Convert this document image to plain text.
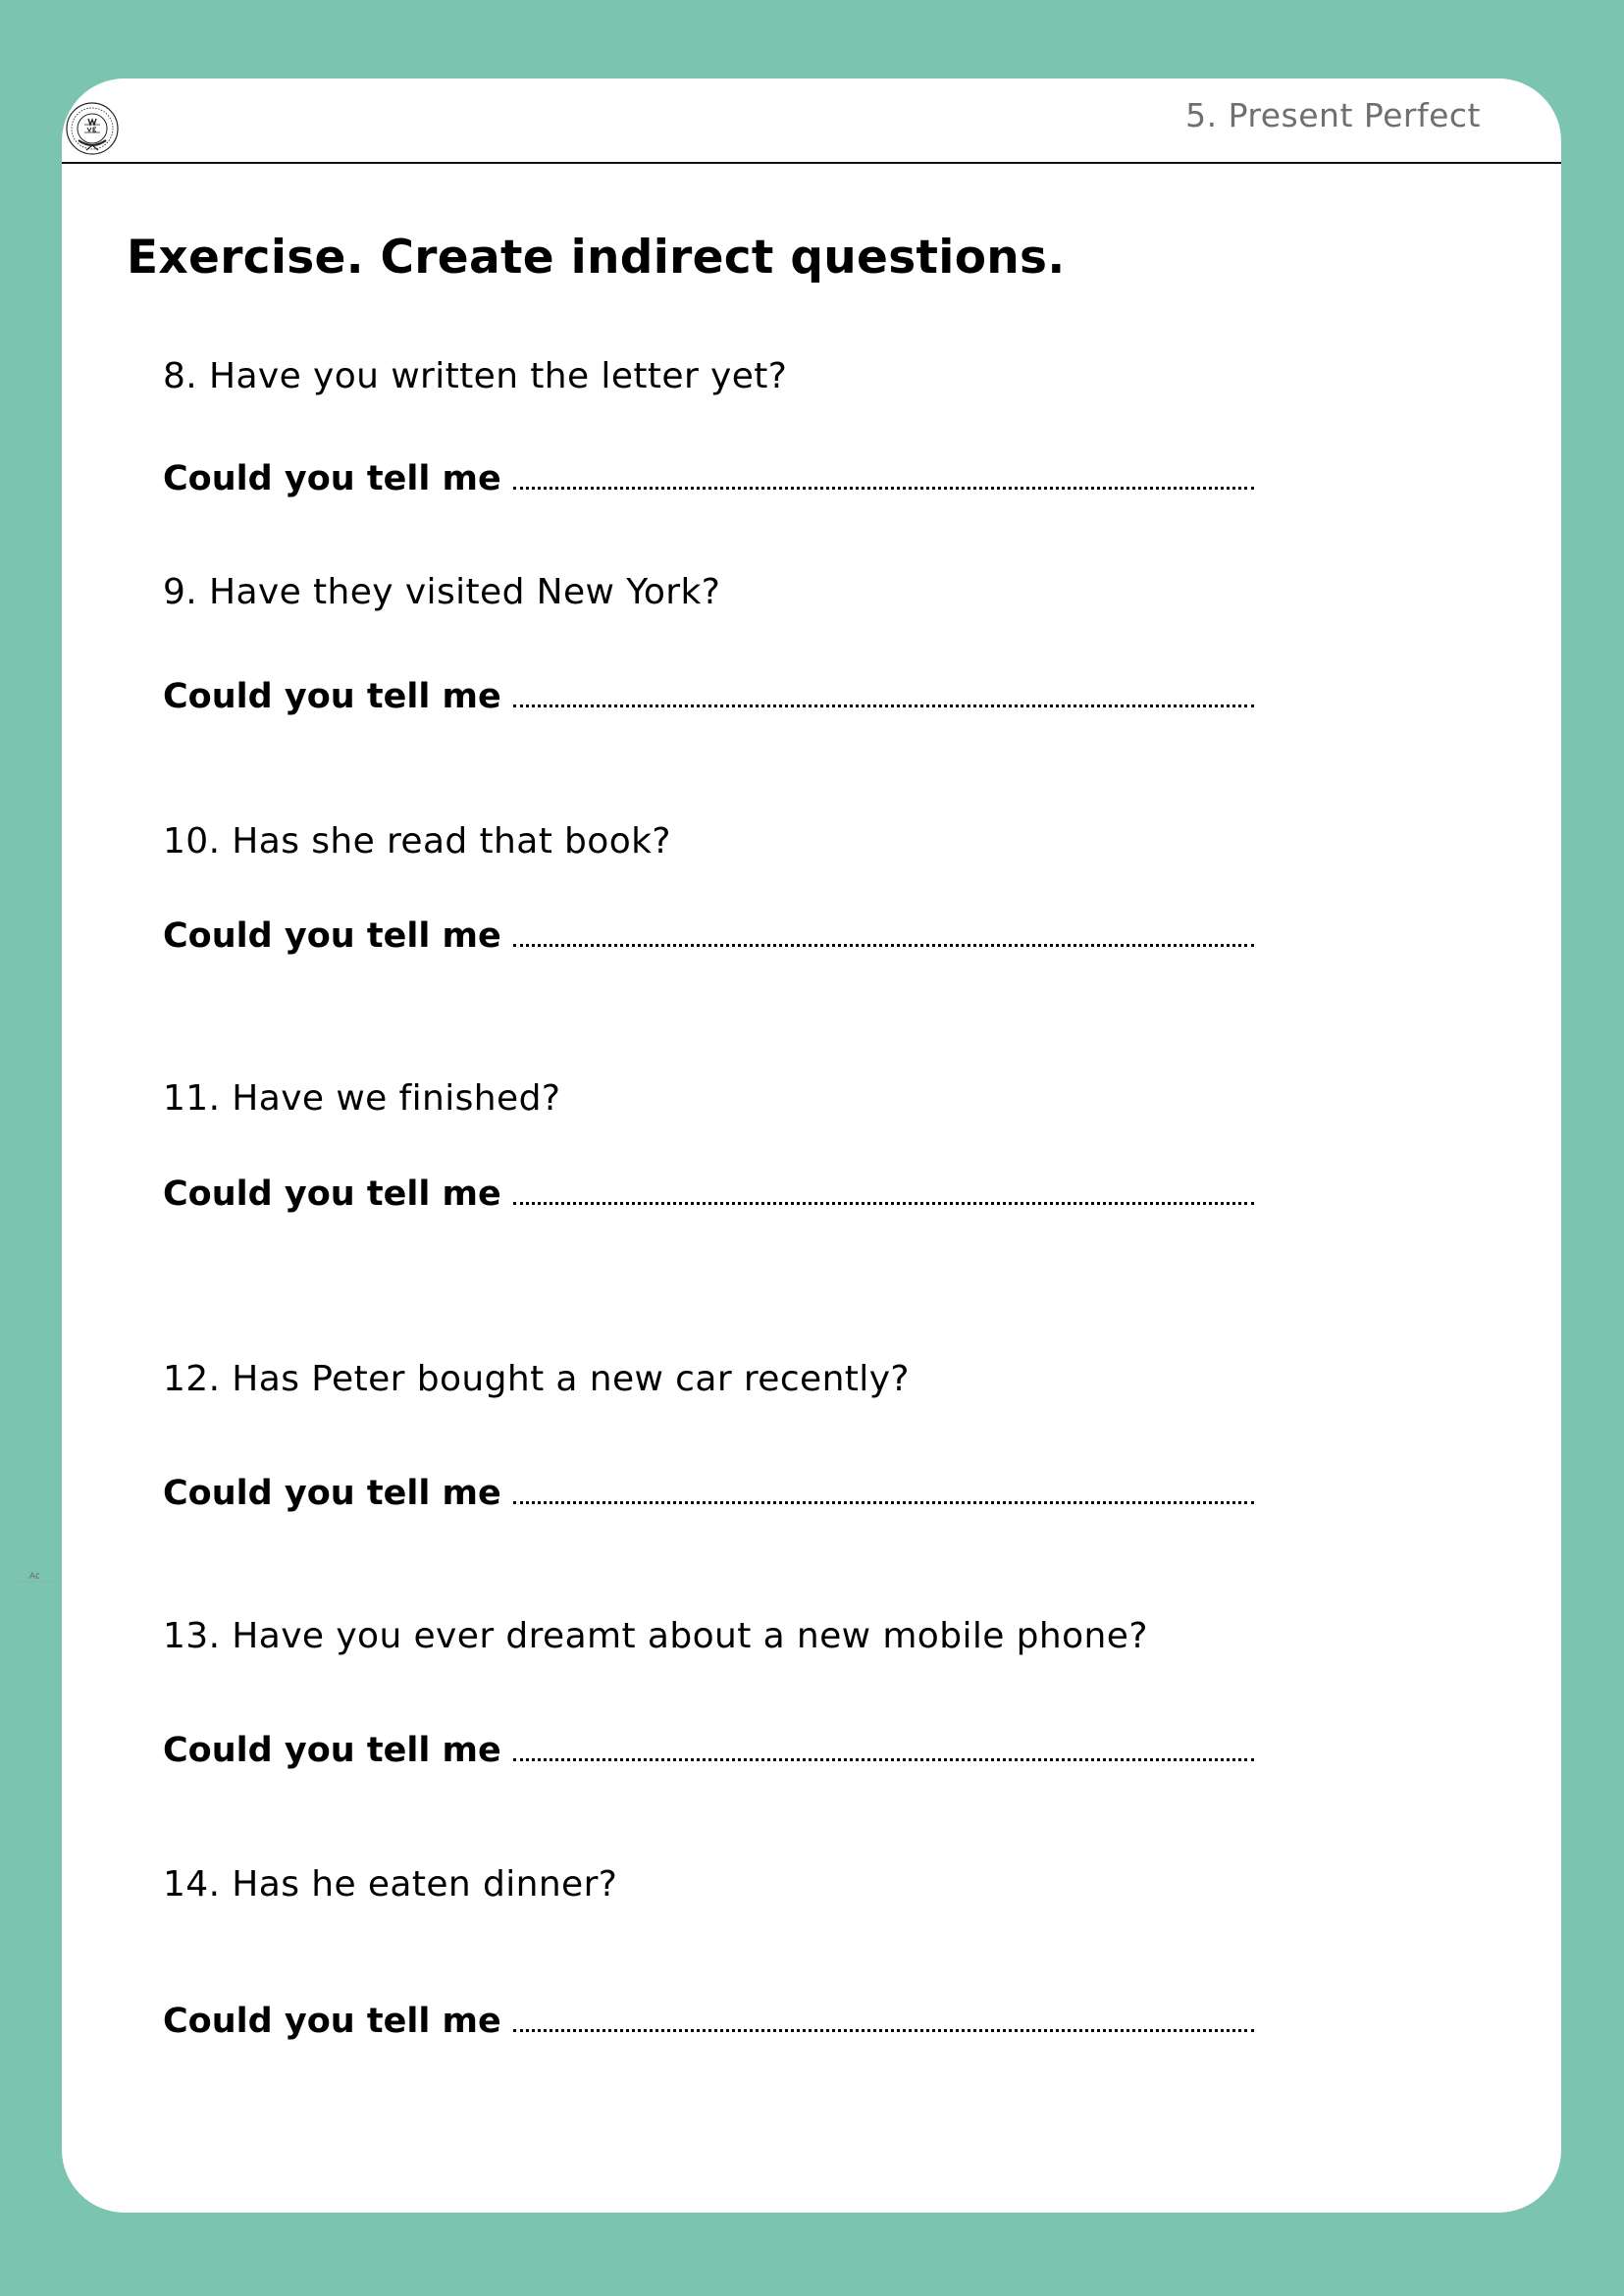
5. Present Perfect
Exercise. Create indirect questions.
8. Have you written the letter yet?
Could you tell me
9. Have they visited New York?
Could you tell me
10. Has she read that book?
Could you tell me
11. Have we finished?
Could you tell me
12. Has Peter bought a new car recently?
Could you tell me
13. Have you ever dreamt about a new mobile phone?
Could you tell me
14. Has he eaten dinner?
Could you tell me
